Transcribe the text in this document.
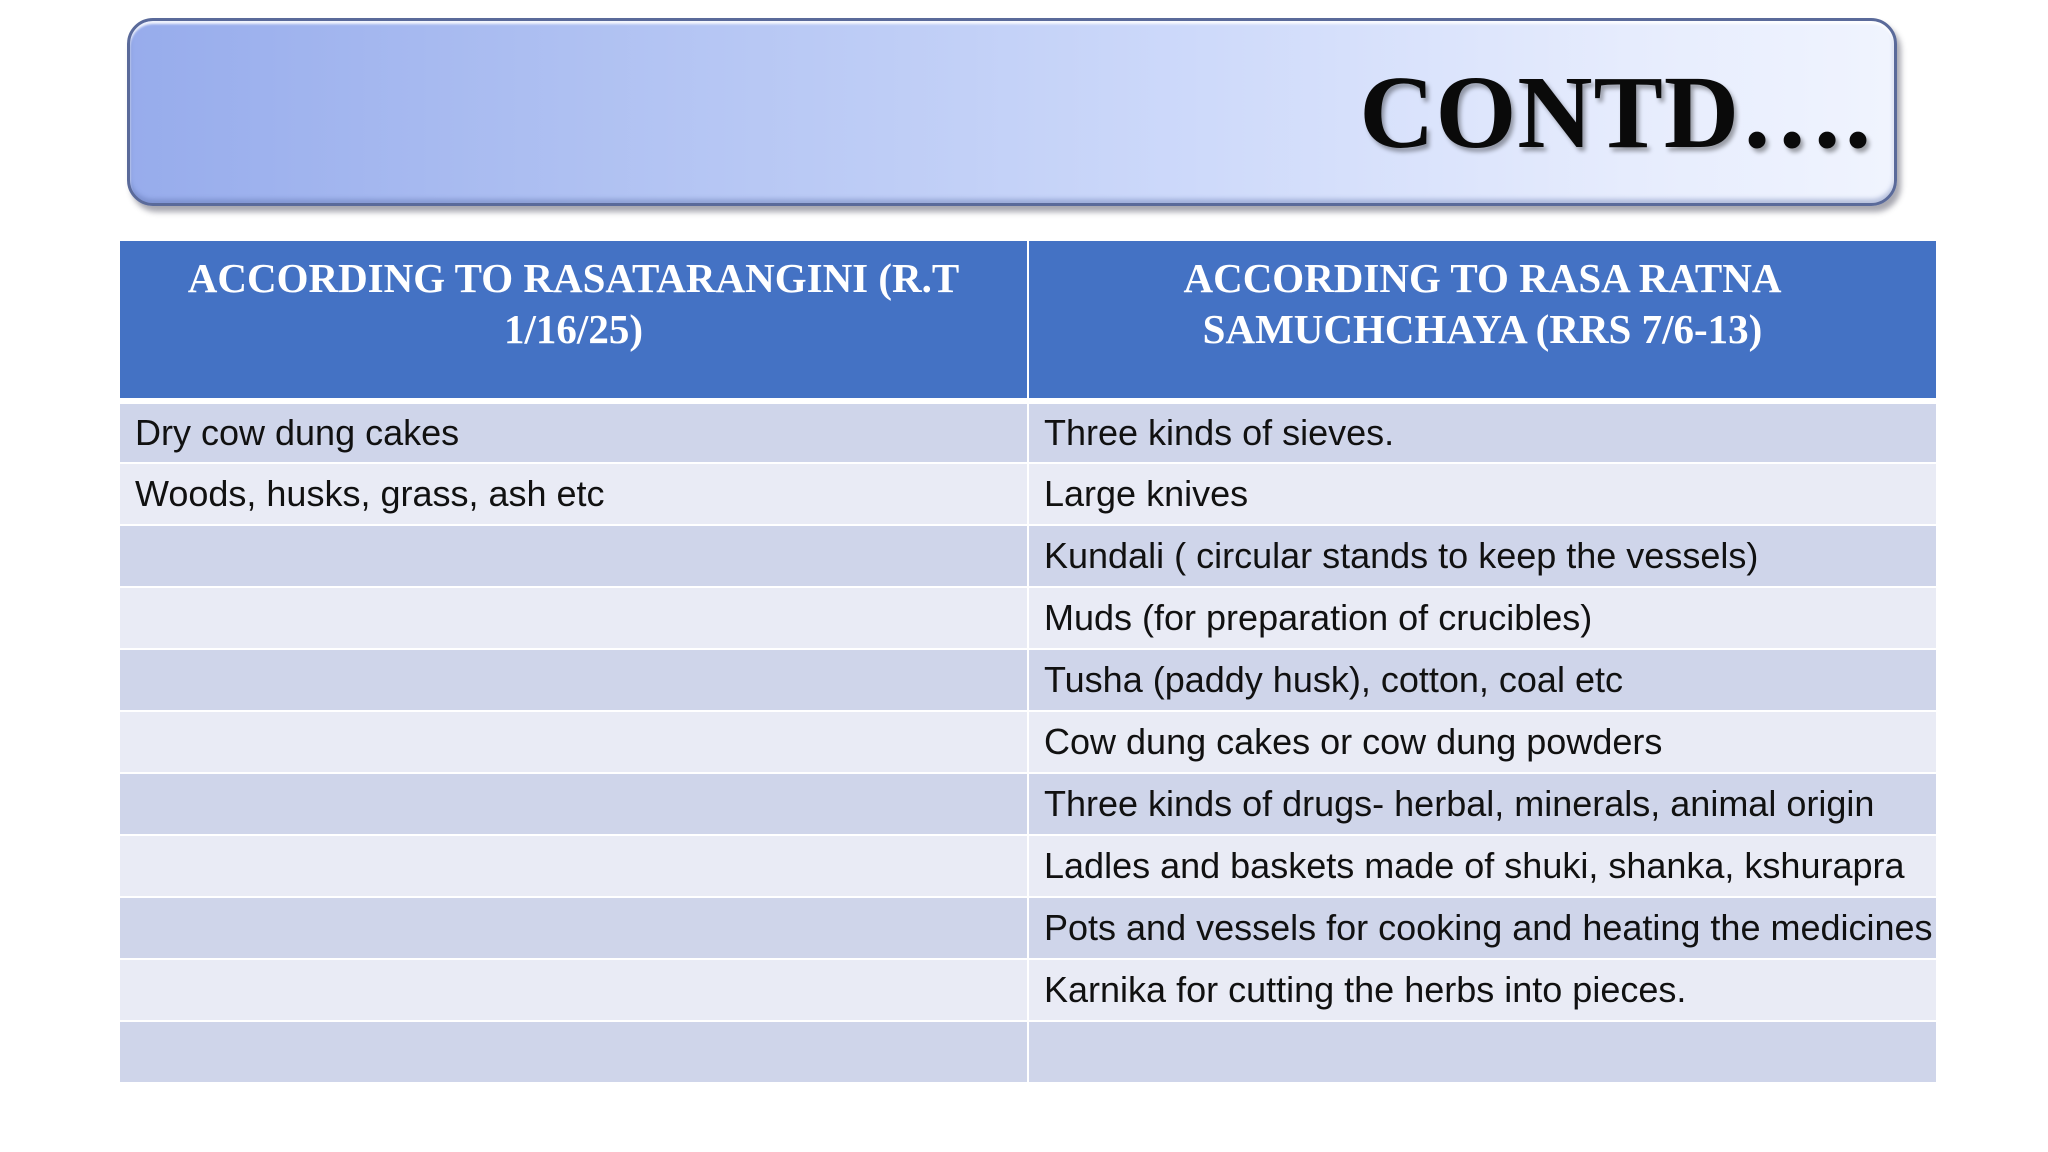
CONTD….
ACCORDING TO RASATARANGINI (R.T 1/16/25)	ACCORDING TO RASA RATNA SAMUCHCHAYA (RRS 7/6-13)
Dry cow dung cakes	Three kinds of sieves.
Woods, husks, grass, ash etc	Large knives
	Kundali ( circular stands to keep the vessels)
	Muds (for preparation of crucibles)
	Tusha (paddy husk), cotton, coal etc
	Cow dung cakes or cow dung powders
	Three kinds of drugs- herbal, minerals, animal origin
	Ladles and baskets made of shuki, shanka, kshurapra
	Pots and vessels for cooking and heating the medicines
	Karnika for cutting the herbs into pieces.
